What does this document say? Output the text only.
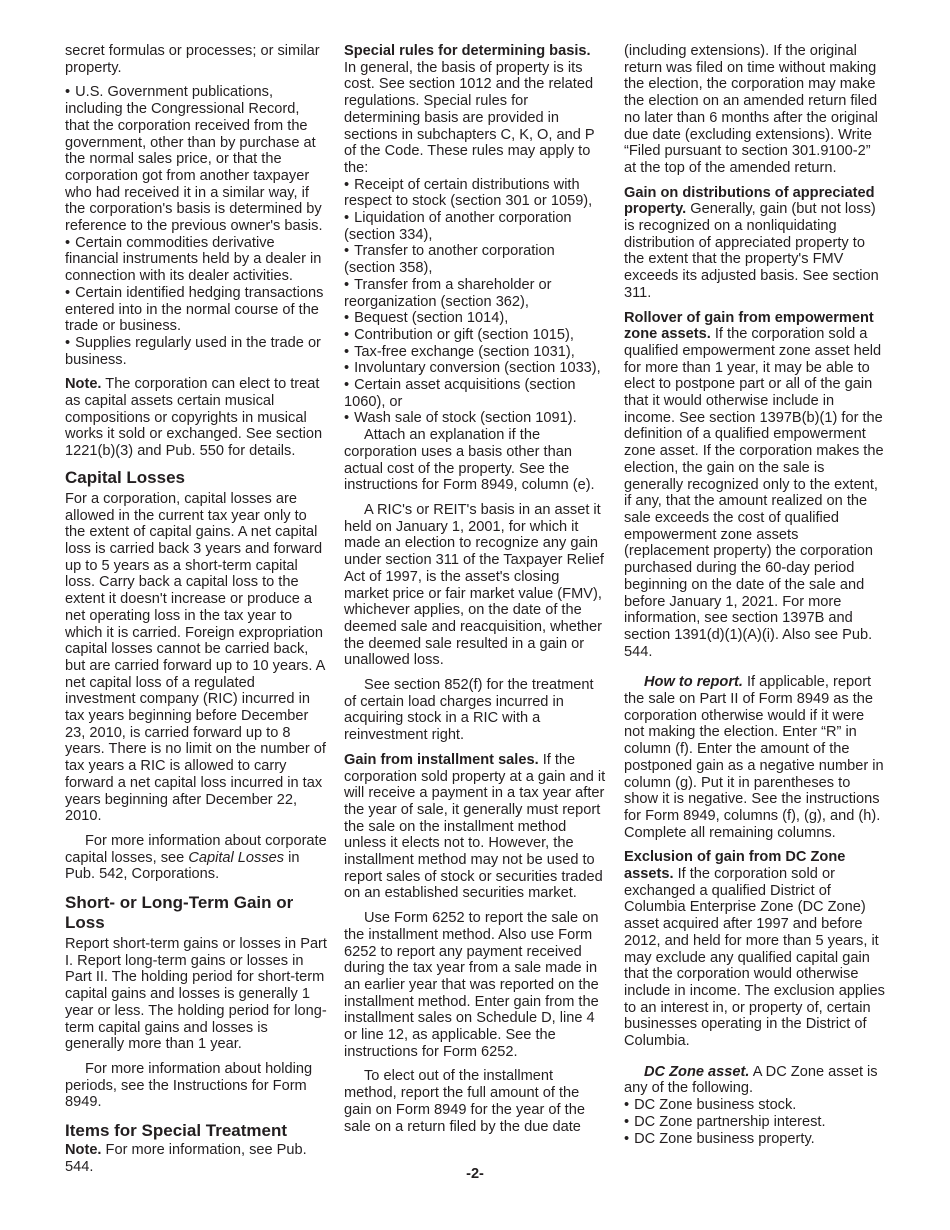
secret formulas or processes; or similar property.

• U.S. Government publications, including the Congressional Record, that the corporation received from the government, other than by purchase at the normal sales price, or that the corporation got from another taxpayer who had received it in a similar way, if the corporation's basis is determined by reference to the previous owner's basis.
• Certain commodities derivative financial instruments held by a dealer in connection with its dealer activities.
• Certain identified hedging transactions entered into in the normal course of the trade or business.
• Supplies regularly used in the trade or business.

Note. The corporation can elect to treat as capital assets certain musical compositions or copyrights in musical works it sold or exchanged. See section 1221(b)(3) and Pub. 550 for details.

Capital Losses

For a corporation, capital losses are allowed in the current tax year only to the extent of capital gains. A net capital loss is carried back 3 years and forward up to 5 years as a short-term capital loss. Carry back a capital loss to the extent it doesn't increase or produce a net operating loss in the tax year to which it is carried. Foreign expropriation capital losses cannot be carried back, but are carried forward up to 10 years. A net capital loss of a regulated investment company (RIC) incurred in tax years beginning before December 23, 2010, is carried forward up to 8 years. There is no limit on the number of tax years a RIC is allowed to carry forward a net capital loss incurred in tax years beginning after December 22, 2010.

For more information about corporate capital losses, see Capital Losses in Pub. 542, Corporations.

Short- or Long-Term Gain or Loss

Report short-term gains or losses in Part I. Report long-term gains or losses in Part II. The holding period for short-term capital gains and losses is generally 1 year or less. The holding period for long-term capital gains and losses is generally more than 1 year.

For more information about holding periods, see the Instructions for Form 8949.

Items for Special Treatment

Note. For more information, see Pub. 544.

Special rules for determining basis. In general, the basis of property is its cost. See section 1012 and the related regulations. Special rules for determining basis are provided in sections in subchapters C, K, O, and P of the Code. These rules may apply to the:

• Receipt of certain distributions with respect to stock (section 301 or 1059),
• Liquidation of another corporation (section 334),
• Transfer to another corporation (section 358),
• Transfer from a shareholder or reorganization (section 362),
• Bequest (section 1014),
• Contribution or gift (section 1015),
• Tax-free exchange (section 1031),
• Involuntary conversion (section 1033),
• Certain asset acquisitions (section 1060), or
• Wash sale of stock (section 1091).

Attach an explanation if the corporation uses a basis other than actual cost of the property. See the instructions for Form 8949, column (e).

A RIC's or REIT's basis in an asset it held on January 1, 2001, for which it made an election to recognize any gain under section 311 of the Taxpayer Relief Act of 1997, is the asset's closing market price or fair market value (FMV), whichever applies, on the date of the deemed sale and reacquisition, whether the deemed sale resulted in a gain or unallowed loss.

See section 852(f) for the treatment of certain load charges incurred in acquiring stock in a RIC with a reinvestment right.

Gain from installment sales. If the corporation sold property at a gain and it will receive a payment in a tax year after the year of sale, it generally must report the sale on the installment method unless it elects not to. However, the installment method may not be used to report sales of stock or securities traded on an established securities market.

Use Form 6252 to report the sale on the installment method. Also use Form 6252 to report any payment received during the tax year from a sale made in an earlier year that was reported on the installment method. Enter gain from the installment sales on Schedule D, line 4 or line 12, as applicable. See the instructions for Form 6252.

To elect out of the installment method, report the full amount of the gain on Form 8949 for the year of the sale on a return filed by the due date

(including extensions). If the original return was filed on time without making the election, the corporation may make the election on an amended return filed no later than 6 months after the original due date (excluding extensions). Write “Filed pursuant to section 301.9100-2” at the top of the amended return.

Gain on distributions of appreciated property. Generally, gain (but not loss) is recognized on a nonliquidating distribution of appreciated property to the extent that the property's FMV exceeds its adjusted basis. See section 311.

Rollover of gain from empowerment zone assets. If the corporation sold a qualified empowerment zone asset held for more than 1 year, it may be able to elect to postpone part or all of the gain that it would otherwise include in income. See section 1397B(b)(1) for the definition of a qualified empowerment zone asset. If the corporation makes the election, the gain on the sale is generally recognized only to the extent, if any, that the amount realized on the sale exceeds the cost of qualified empowerment zone assets (replacement property) the corporation purchased during the 60-day period beginning on the date of the sale and before January 1, 2021. For more information, see section 1397B and section 1391(d)(1)(A)(i). Also see Pub. 544.

How to report. If applicable, report the sale on Part II of Form 8949 as the corporation otherwise would if it were not making the election. Enter “R” in column (f). Enter the amount of the postponed gain as a negative number in column (g). Put it in parentheses to show it is negative. See the instructions for Form 8949, columns (f), (g), and (h). Complete all remaining columns.

Exclusion of gain from DC Zone assets. If the corporation sold or exchanged a qualified District of Columbia Enterprise Zone (DC Zone) asset acquired after 1997 and before 2012, and held for more than 5 years, it may exclude any qualified capital gain that the corporation would otherwise include in income. The exclusion applies to an interest in, or property of, certain businesses operating in the District of Columbia.

DC Zone asset. A DC Zone asset is any of the following.

• DC Zone business stock.
• DC Zone partnership interest.
• DC Zone business property.
-2-
